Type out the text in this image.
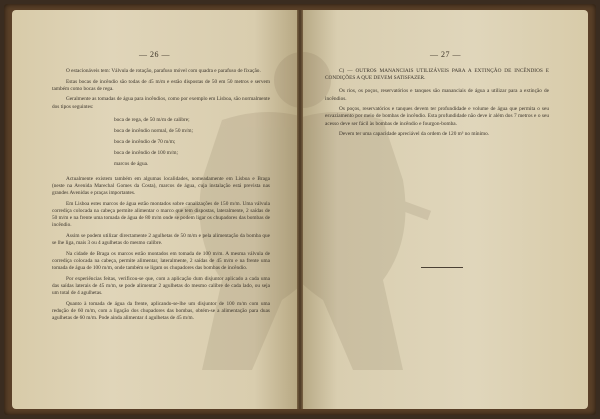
— 26 —

O estacionáveis tem: Válvula de rotação, parafuso móvel com quadra e parafuso de fixação.

Estas bocas de incêndio são todas de 45 m/m e estão dispostas de 50 em 50 metros e servem também como bocas de rega.

Geralmente as tomadas de água para incêndios, como por exemplo em Lisboa, são normalmente dos tipos seguintes:

boca de rega, de 50 m/m de calibre;
boca de incêndio normal, de 50 m/m;
boca de incêndio de 70 m/m;
boca de incêndio de 100 m/m;
marcos de água.

Actualmente existem também em algumas localidades, nomeadamente em Lisboa e Braga (neste na Avenida Marechal Gomes da Costa), marcos de água, cuja instalação está prevista nas grandes Avenidas e praças importantes.

Em Lisboa estes marcos de água estão montados sobre canalizações de 150 m/m. Uma válvula corrediça colocada na cabeça permite alimentar o marco que tem dispostas, lateralmente, 2 saídas de 50 m/m e na frente uma tomada de água de 80 m/m onde se podem ligar os chupadores das bombas de incêndio.

Assim se podem utilizar directamente 2 agulhetas de 50 m/m e pela alimentação da bomba que se lhe liga, mais 3 ou 4 agulhetas do mesmo calibre.

Na cidade de Braga os marcos estão montados em tomada de 100 m/m. A mesma válvula de corrediça colocada na cabeça, permite alimentar, lateralmente, 2 saídas de 45 m/m e na frente uma tomada de água de 100 m/m, onde também se ligam os chupadores das bombas de incêndio.

Por experiências feitas, verificou-se que, com a aplicação dum disjuntor aplicado a cada uma das saídas laterais de 45 m/m, se pode alimentar 2 agulhetas do mesmo calibre de cada lado, ou seja um total de 4 agulhetas.

Quanto à tomada de água da frente, aplicando-se-lhe um disjuntor de 100 m/m com uma redução de 60 m/m, com a ligação dos chupadores das bombas, obtém-se a alimentação para duas agulhetas de 60 m/m. Pode ainda alimentar 4 agulhetas de 45 m/m.

— 27 —

C) — OUTROS MANANCIAIS UTILIZÁVEIS PARA A EXTINÇÃO DE INCÊNDIOS E CONDIÇÕES A QUE DEVEM SATISFAZER.

Os rios, os poços, reservatórios e tanques são mananciais de água a utilizar para a extinção de incêndios.

Os poços, reservatórios e tanques devem ter profundidade e volume de água que permita o seu esvaziamento por meio de bombas de incêndio. Esta profundidade não deve ir além dos 7 metros e o seu acesso deve ser fácil às bombas de incêndio e fourgon-bomba.

Devem ter uma capacidade apreciável da ordem de 120 m³ no mínimo.
